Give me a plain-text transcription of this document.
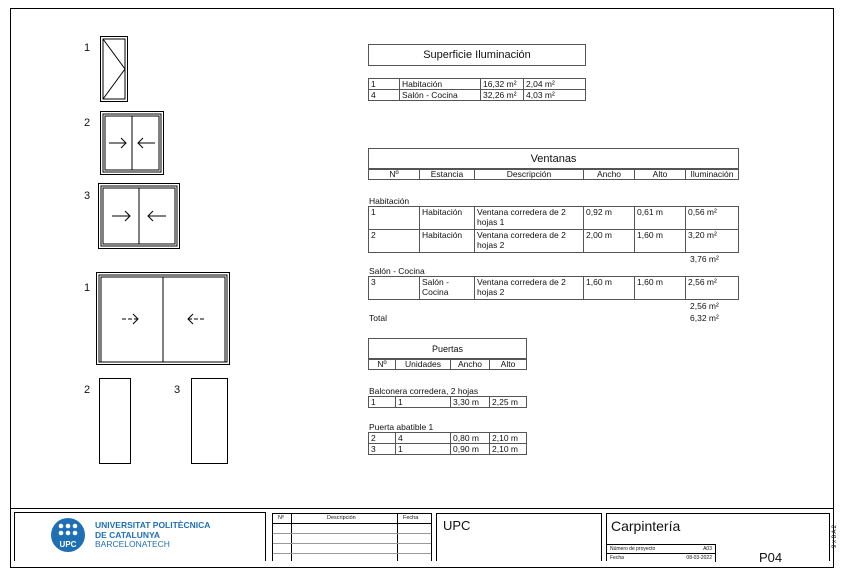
1
2
3
1
2	3
Superficie Iluminación
1	Habitación	16,32 m²	2,04 m²
4	Salón - Cocina	32,26 m²	4,03 m²
Ventanas
Nº	Estancia	Descripción	Ancho	Alto	Iluminación
Habitación
1	Habitación	Ventana corredera de 2 hojas 1	0,92 m	0,61 m	0,56 m²
2	Habitación	Ventana corredera de 2 hojas 2	2,00 m	1,60 m	3,20 m²
3,76 m²
Salón - Cocina
3	Salón - Cocina	Ventana corredera de 2 hojas 2	1,60 m	1,60 m	2,56 m²
2,56 m²
Total	6,32 m²
Puertas
Nº	Unidades	Ancho	Alto
Balconera corredera, 2 hojas
1	1	3,30 m	2,25 m
Puerta abatible 1
2	4	0,80 m	2,10 m
3	1	0,90 m	2,10 m
UPC
UNIVERSITAT POLITÈCNICA
DE CATALUNYA
BARCELONATECH
Nº	Descripción	Fecha UPC	Carpintería
Número de proyecto	A03
Fecha	08-03-2022	P04
9 x 8 A 2
